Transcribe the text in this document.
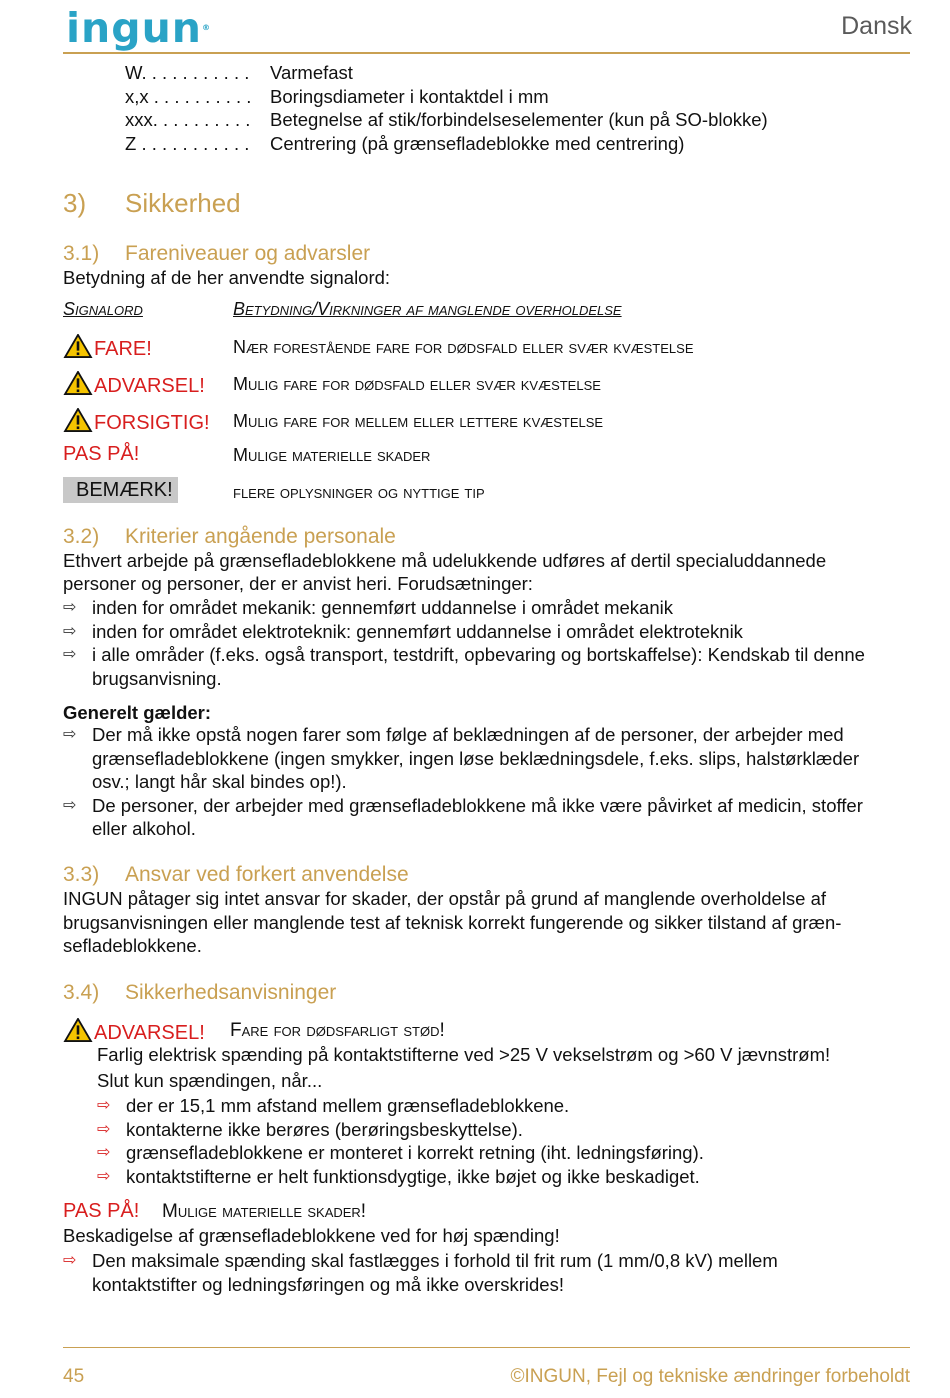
ingun®	Dansk
W. . . . . . . . . . . Varmefast
x,x . . . . . . . . . . Boringsdiameter i kontaktdel i mm
xxx. . . . . . . . . . Betegnelse af stik/forbindelseselementer (kun på SO-blokke)
Z . . . . . . . . . . . Centrering (på grænsefladeblokke med centrering)
3) Sikkerhed
3.1) Fareniveauer og advarsler
Betydning af de her anvendte signalord:
Signalord	Betydning/Virkninger af manglende overholdelse
FARE!	Nær forestående fare for dødsfald eller svær kvæstelse
ADVARSEL! Mulig fare for dødsfald eller svær kvæstelse
FORSIGTIG! Mulig fare for mellem eller lettere kvæstelse
PAS PÅ!	Mulige materielle skader
BEMÆRK!	flere oplysninger og nyttige tip
3.2) Kriterier angående personale
Ethvert arbejde på grænsefladeblokkene må udelukkende udføres af dertil specialuddannede
personer og personer, der er anvist heri. Forudsætninger:
⇨ inden for området mekanik: gennemført uddannelse i området mekanik
⇨ inden for området elektroteknik: gennemført uddannelse i området elektroteknik
⇨ i alle områder (f.eks. også transport, testdrift, opbevaring og bortskaffelse): Kendskab til denne
brugsanvisning.
Generelt gælder:
⇨ Der må ikke opstå nogen farer som følge af beklædningen af de personer, der arbejder med
grænsefladeblokkene (ingen smykker, ingen løse beklædningsdele, f.eks. slips, halstørklæder
osv.; langt hår skal bindes op!).
⇨ De personer, der arbejder med grænsefladeblokkene må ikke være påvirket af medicin, stoffer
eller alkohol.
3.3) Ansvar ved forkert anvendelse
INGUN påtager sig intet ansvar for skader, der opstår på grund af manglende overholdelse af
brugsanvisningen eller manglende test af teknisk korrekt fungerende og sikker tilstand af græn-
sefladeblokkene.
3.4) Sikkerhedsanvisninger
ADVARSEL! Fare for dødsfarligt stød!
Farlig elektrisk spænding på kontaktstifterne ved >25 V vekselstrøm og >60 V jævnstrøm!
Slut kun spændingen, når...
⇨ der er 15,1 mm afstand mellem grænsefladeblokkene.
⇨ kontakterne ikke berøres (berøringsbeskyttelse).
⇨ grænsefladeblokkene er monteret i korrekt retning (iht. ledningsføring).
⇨ kontaktstifterne er helt funktionsdygtige, ikke bøjet og ikke beskadiget.
PAS PÅ! Mulige materielle skader!
Beskadigelse af grænsefladeblokkene ved for høj spænding!
⇨ Den maksimale spænding skal fastlægges i forhold til frit rum (1 mm/0,8 kV) mellem
kontaktstifter og ledningsføringen og må ikke overskrides!
45	©INGUN, Fejl og tekniske ændringer forbeholdt
